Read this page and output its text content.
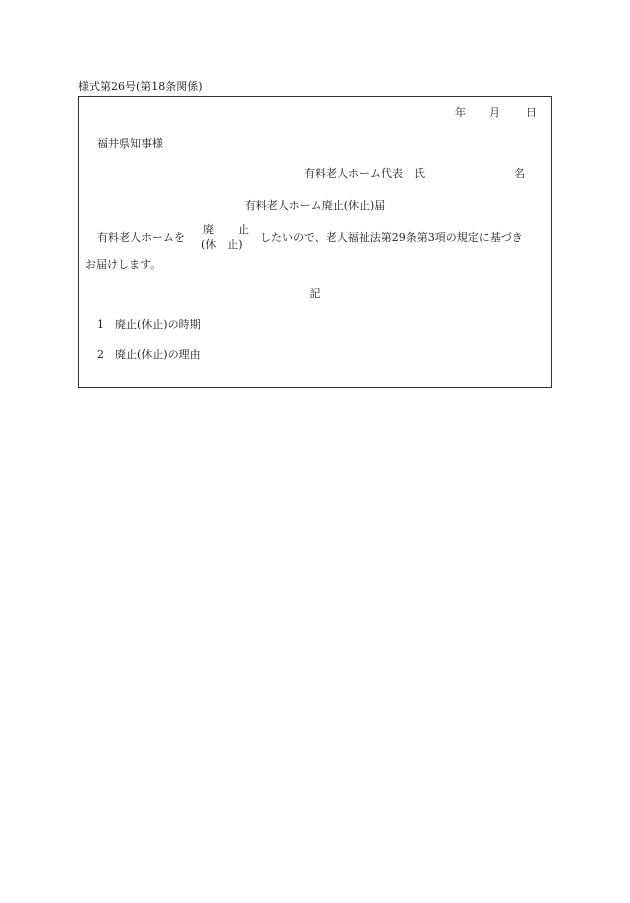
様式第26号(第18条関係)
年 月 日
福井県知事様
有料老人ホーム代表　氏	名
有料老人ホーム廃止(休止)届
有料老人ホームを
廃 止
(休　止)
したいので、老人福祉法第29条第3項の規定に基づき
お届けします。
記
1　廃止(休止)の時期
2　廃止(休止)の理由
